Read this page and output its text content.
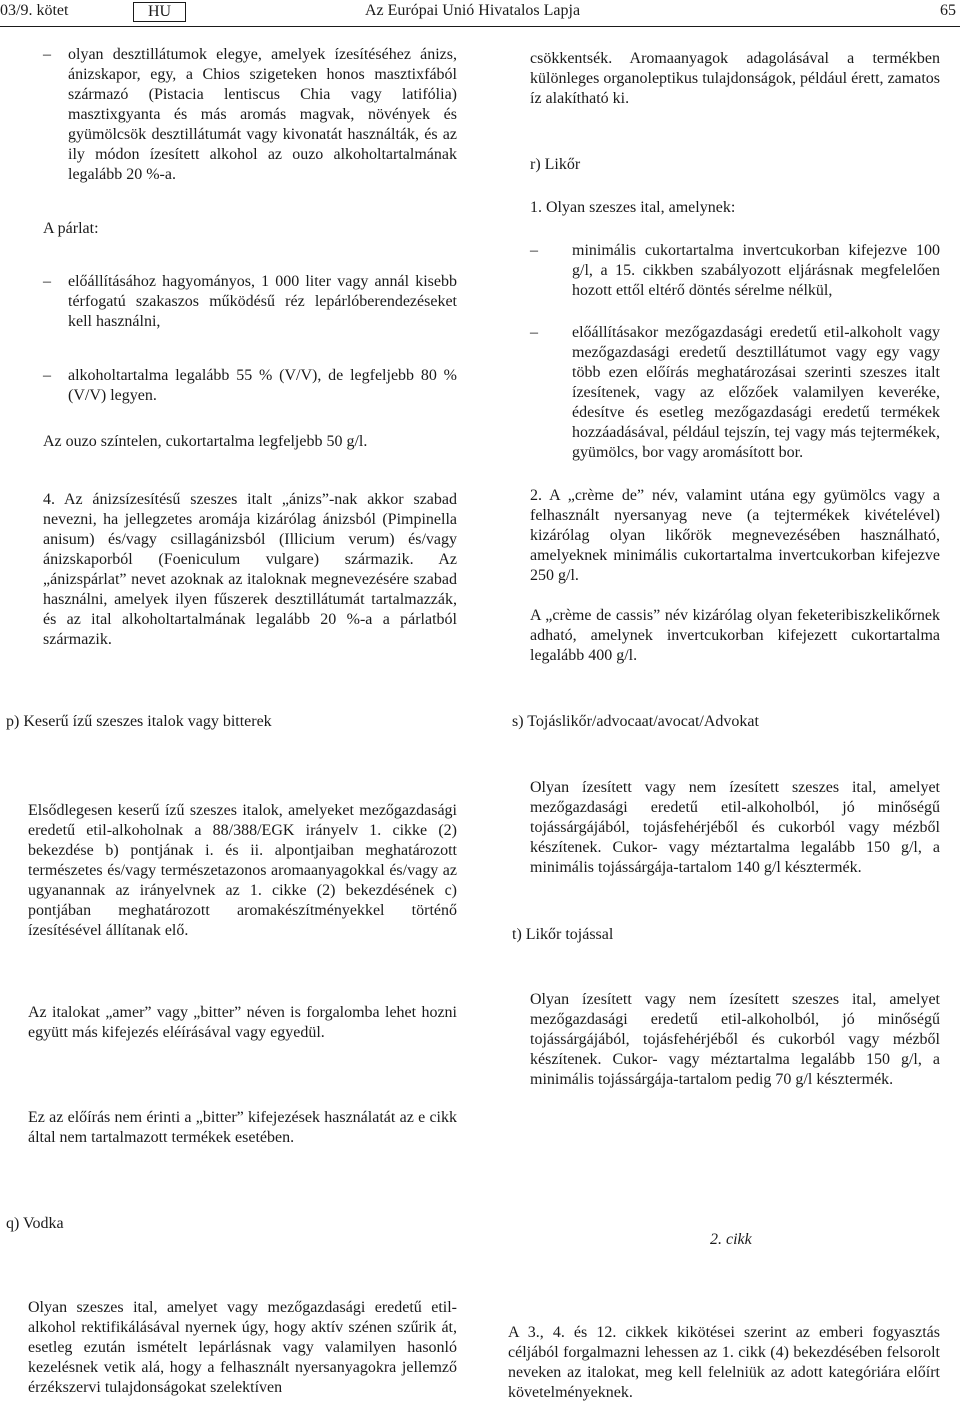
03/9. kötet	HU	Az Európai Unió Hivatalos Lapja	65
– olyan desztillátumok elegye, amelyek ízesítéséhez ánizs, ánizskapor, egy, a Chios szigeteken honos masztixfából származó (Pistacia lentiscus Chia vagy latifólia) masztixgyanta és más aromás magvak, növények és gyümölcsök desztillátumát vagy kivonatát használták, és az ily módon ízesített alkohol az ouzo alkoholtartalmának legalább 20 %-a.

A párlat:

– előállításához hagyományos, 1 000 liter vagy annál kisebb térfogatú szakaszos működésű réz lepárlóberendezéseket kell használni,

– alkoholtartalma legalább 55 % (V/V), de legfeljebb 80 % (V/V) legyen.

Az ouzo színtelen, cukortartalma legfeljebb 50 g/l.

4. Az ánizsízesítésű szeszes italt „ánizs”-nak akkor szabad nevezni, ha jellegzetes aromája kizárólag ánizsból (Pimpinella anisum) és/vagy csillagánizsból (Illicium verum) és/vagy ánizskaporból (Foeniculum vulgare) származik. Az „ánizspárlat” nevet azoknak az italoknak megnevezésére szabad használni, amelyek ilyen fűszerek desztillátumát tartalmazzák, és az ital alkoholtartalmának legalább 20 %-a a párlatból származik.

p) Keserű ízű szeszes italok vagy bitterek

Elsődlegesen keserű ízű szeszes italok, amelyeket mezőgazdasági eredetű etil-alkoholnak a 88/388/EGK irányelv 1. cikke (2) bekezdése b) pontjának i. és ii. alpontjaiban meghatározott természetes és/vagy természetazonos aromaanyagokkal és/vagy az ugyanannak az irányelvnek az 1. cikke (2) bekezdésének c) pontjában meghatározott aromakészítményekkel történő ízesítésével állítanak elő.

Az italokat „amer” vagy „bitter” néven is forgalomba lehet hozni együtt más kifejezés eléírásával vagy egyedül.

Ez az előírás nem érinti a „bitter” kifejezések használatát az e cikk által nem tartalmazott termékek esetében.

q) Vodka

Olyan szeszes ital, amelyet vagy mezőgazdasági eredetű etil-alkohol rektifikálásával nyernek úgy, hogy aktív szénen szűrik át, esetleg ezután ismételt lepárlásnak vagy valamilyen hasonló kezelésnek vetik alá, hogy a felhasznált nyersanyagokra jellemző érzékszervi tulajdonságokat szelektíven

csökkentsék. Aromaanyagok adagolásával a termékben különleges organoleptikus tulajdonságok, például érett, zamatos íz alakítható ki.

r) Likőr

1. Olyan szeszes ital, amelynek:

– minimális cukortartalma invertcukorban kifejezve 100 g/l, a 15. cikkben szabályozott eljárásnak megfelelően hozott ettől eltérő döntés sérelme nélkül,

– előállításakor mezőgazdasági eredetű etil-alkoholt vagy mezőgazdasági eredetű desztillátumot vagy egy vagy több ezen előírás meghatározásai szerinti szeszes italt ízesítenek, vagy az előzőek valamilyen keveréke, édesítve és esetleg mezőgazdasági eredetű termékek hozzáadásával, például tejszín, tej vagy más tejtermékek, gyümölcs, bor vagy aromásított bor.

2. A „crème de” név, valamint utána egy gyümölcs vagy a felhasznált nyersanyag neve (a tejtermékek kivételével) kizárólag olyan likőrök megnevezésében használható, amelyeknek minimális cukortartalma invertcukorban kifejezve 250 g/l.

A „crème de cassis” név kizárólag olyan feketeribiszkelikőrnek adható, amelynek invertcukorban kifejezett cukortartalma legalább 400 g/l.

s) Tojáslikőr/advocaat/avocat/Advokat

Olyan ízesített vagy nem ízesített szeszes ital, amelyet mezőgazdasági eredetű etil-alkoholból, jó minőségű tojássárgájából, tojásfehérjéből és cukorból vagy mézből készítenek. Cukor- vagy méztartalma legalább 150 g/l, a minimális tojássárgája-tartalom 140 g/l késztermék.

t) Likőr tojással

Olyan ízesített vagy nem ízesített szeszes ital, amelyet mezőgazdasági eredetű etil-alkoholból, jó minőségű tojássárgájából, tojásfehérjéből és cukorból vagy mézből készítenek. Cukor- vagy méztartalma legalább 150 g/l, a minimális tojássárgája-tartalom pedig 70 g/l késztermék.

2. cikk

A 3., 4. és 12. cikkek kikötései szerint az emberi fogyasztás céljából forgalmazni lehessen az 1. cikk (4) bekezdésében felsorolt neveken az italokat, meg kell felelniük az adott kategóriára előírt követelményeknek.
